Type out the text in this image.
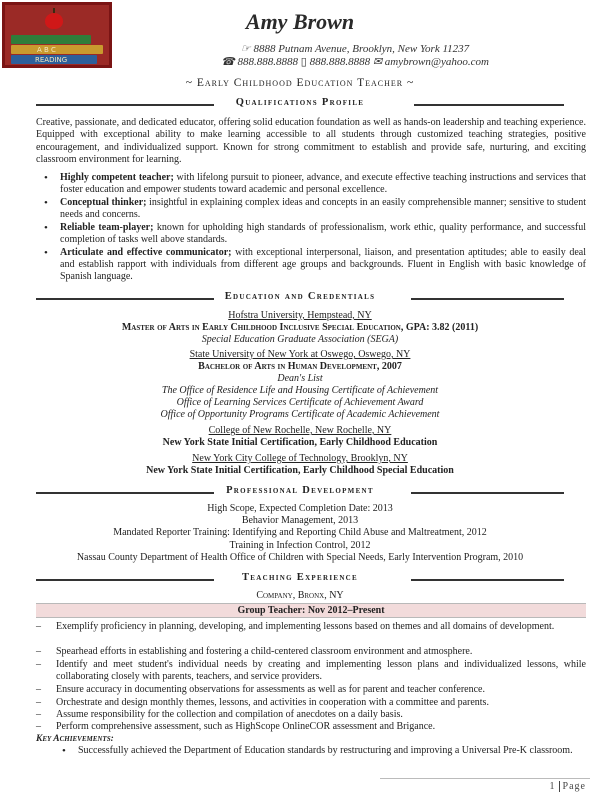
A B C
READING
Amy Brown
☞ 8888 Putnam Avenue, Brooklyn, New York 11237
☎ 888.888.8888 ▯ 888.888.8888 ✉ amybrown@yahoo.com
~ Early Childhood Education Teacher ~
Qualifications Profile
Creative, passionate, and dedicated educator, offering solid education foundation as well as hands-on leadership and teaching experience. Equipped with exceptional ability to make learning accessible to all students through customized teaching strategies, positive encouragement, and individualized support. Known for strong commitment to establish and provide safe, nurturing, and exciting classroom environment for learning.
• Highly competent teacher; with lifelong pursuit to pioneer, advance, and execute effective teaching instructions and services that foster education and empower students toward academic and personal excellence.
• Conceptual thinker; insightful in explaining complex ideas and concepts in an easily comprehensible manner; sensitive to student needs and concerns.
• Reliable team-player; known for upholding high standards of professionalism, work ethic, quality performance, and successful completion of tasks well above standards.
• Articulate and effective communicator; with exceptional interpersonal, liaison, and presentation aptitudes; able to easily deal and establish rapport with individuals from different age groups and backgrounds. Fluent in English with basic knowledge of Spanish language.
Education and Credentials
Hofstra University, Hempstead, NY
Master of Arts in Early Childhood Inclusive Special Education, GPA: 3.82 (2011)
Special Education Graduate Association (SEGA)
State University of New York at Oswego, Oswego, NY
Bachelor of Arts in Human Development, 2007
Dean's List
The Office of Residence Life and Housing Certificate of Achievement
Office of Learning Services Certificate of Achievement Award
Office of Opportunity Programs Certificate of Academic Achievement
College of New Rochelle, New Rochelle, NY
New York State Initial Certification, Early Childhood Education
New York City College of Technology, Brooklyn, NY
New York State Initial Certification, Early Childhood Special Education
Professional Development
High Scope, Expected Completion Date: 2013
Behavior Management, 2013
Mandated Reporter Training: Identifying and Reporting Child Abuse and Maltreatment, 2012
Training in Infection Control, 2012
Nassau County Department of Health Office of Children with Special Needs, Early Intervention Program, 2010
Teaching Experience
Company, Bronx, NY
Group Teacher: Nov 2012–Present
– Exemplify proficiency in planning, developing, and implementing lessons based on themes and all domains of development.
– Spearhead efforts in establishing and fostering a child-centered classroom environment and atmosphere.
– Identify and meet student's individual needs by creating and implementing lesson plans and individualized lessons, while collaborating closely with parents, teachers, and service providers.
– Ensure accuracy in documenting observations for assessments as well as for parent and teacher conference.
– Orchestrate and design monthly themes, lessons, and activities in cooperation with a committee and parents.
– Assume responsibility for the collection and compilation of anecdotes on a daily basis.
– Perform comprehensive assessment, such as HighScope OnlineCOR assessment and Brigance.
Key Achievements:
• Successfully achieved the Department of Education standards by restructuring and improving a Universal Pre-K classroom.
1 Page
